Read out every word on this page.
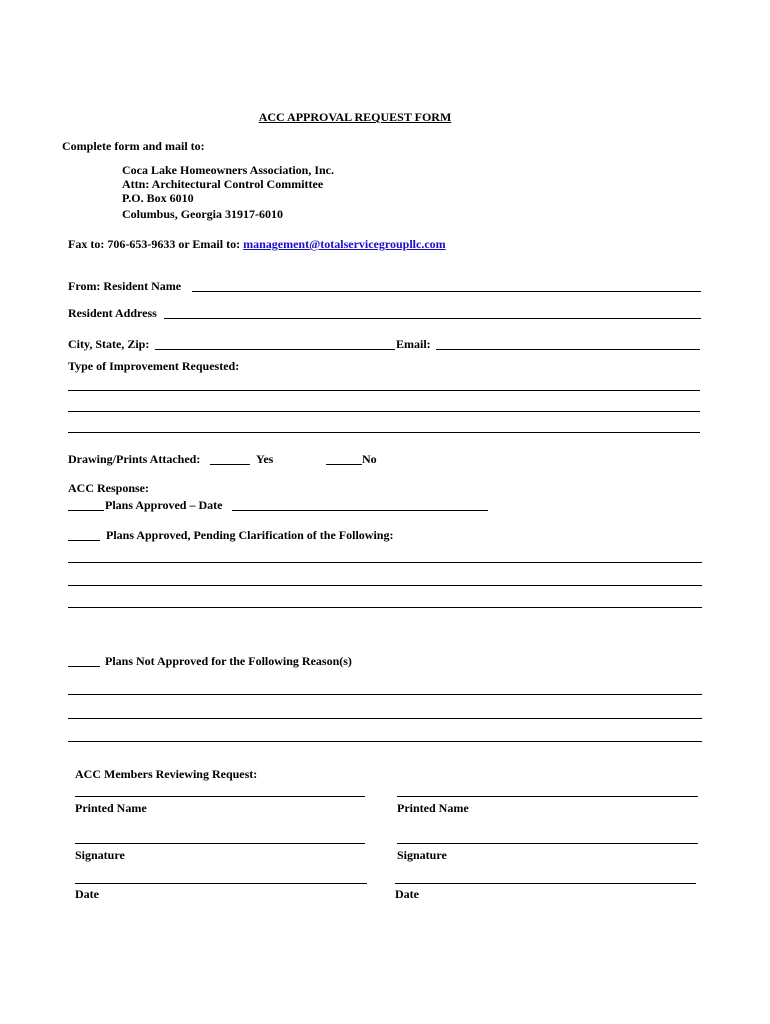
ACC APPROVAL REQUEST FORM
Complete form and mail to:
Coca Lake Homeowners Association, Inc.
Attn: Architectural Control Committee
P.O. Box 6010
Columbus, Georgia 31917-6010
Fax to: 706-653-9633 or Email to: management@totalservicegroupllc.com
From: Resident Name
Resident Address
City, State, Zip:	Email:
Type of Improvement Requested:
Drawing/Prints Attached:	Yes	No
ACC Response:
Plans Approved – Date
Plans Approved, Pending Clarification of the Following:
Plans Not Approved for the Following Reason(s)
ACC Members Reviewing Request:
Printed Name	Printed Name
Signature	Signature
Date	Date
